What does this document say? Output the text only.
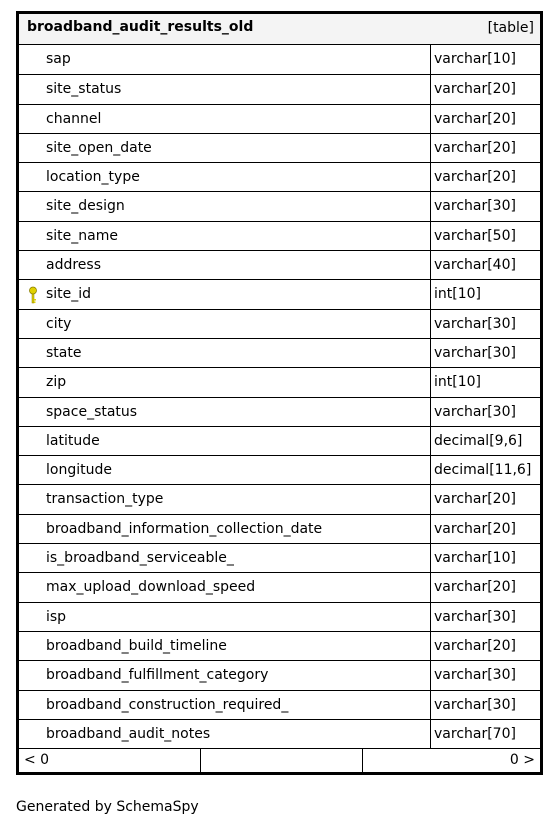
broadband_audit_results_old	[table]
sap	varchar[10]
site_status	varchar[20]
channel	varchar[20]
site_open_date	varchar[20]
location_type	varchar[20]
site_design	varchar[30]
site_name	varchar[50]
address	varchar[40]
site_id	int[10]
city	varchar[30]
state	varchar[30]
zip	int[10]
space_status	varchar[30]
latitude	decimal[9,6]
longitude	decimal[11,6]
transaction_type	varchar[20]
broadband_information_collection_date	varchar[20]
is_broadband_serviceable_	varchar[10]
max_upload_download_speed	varchar[20]
isp	varchar[30]
broadband_build_timeline	varchar[20]
broadband_fulfillment_category	varchar[30]
broadband_construction_required_	varchar[30]
broadband_audit_notes	varchar[70]
< 0	0 >
Generated by SchemaSpy
